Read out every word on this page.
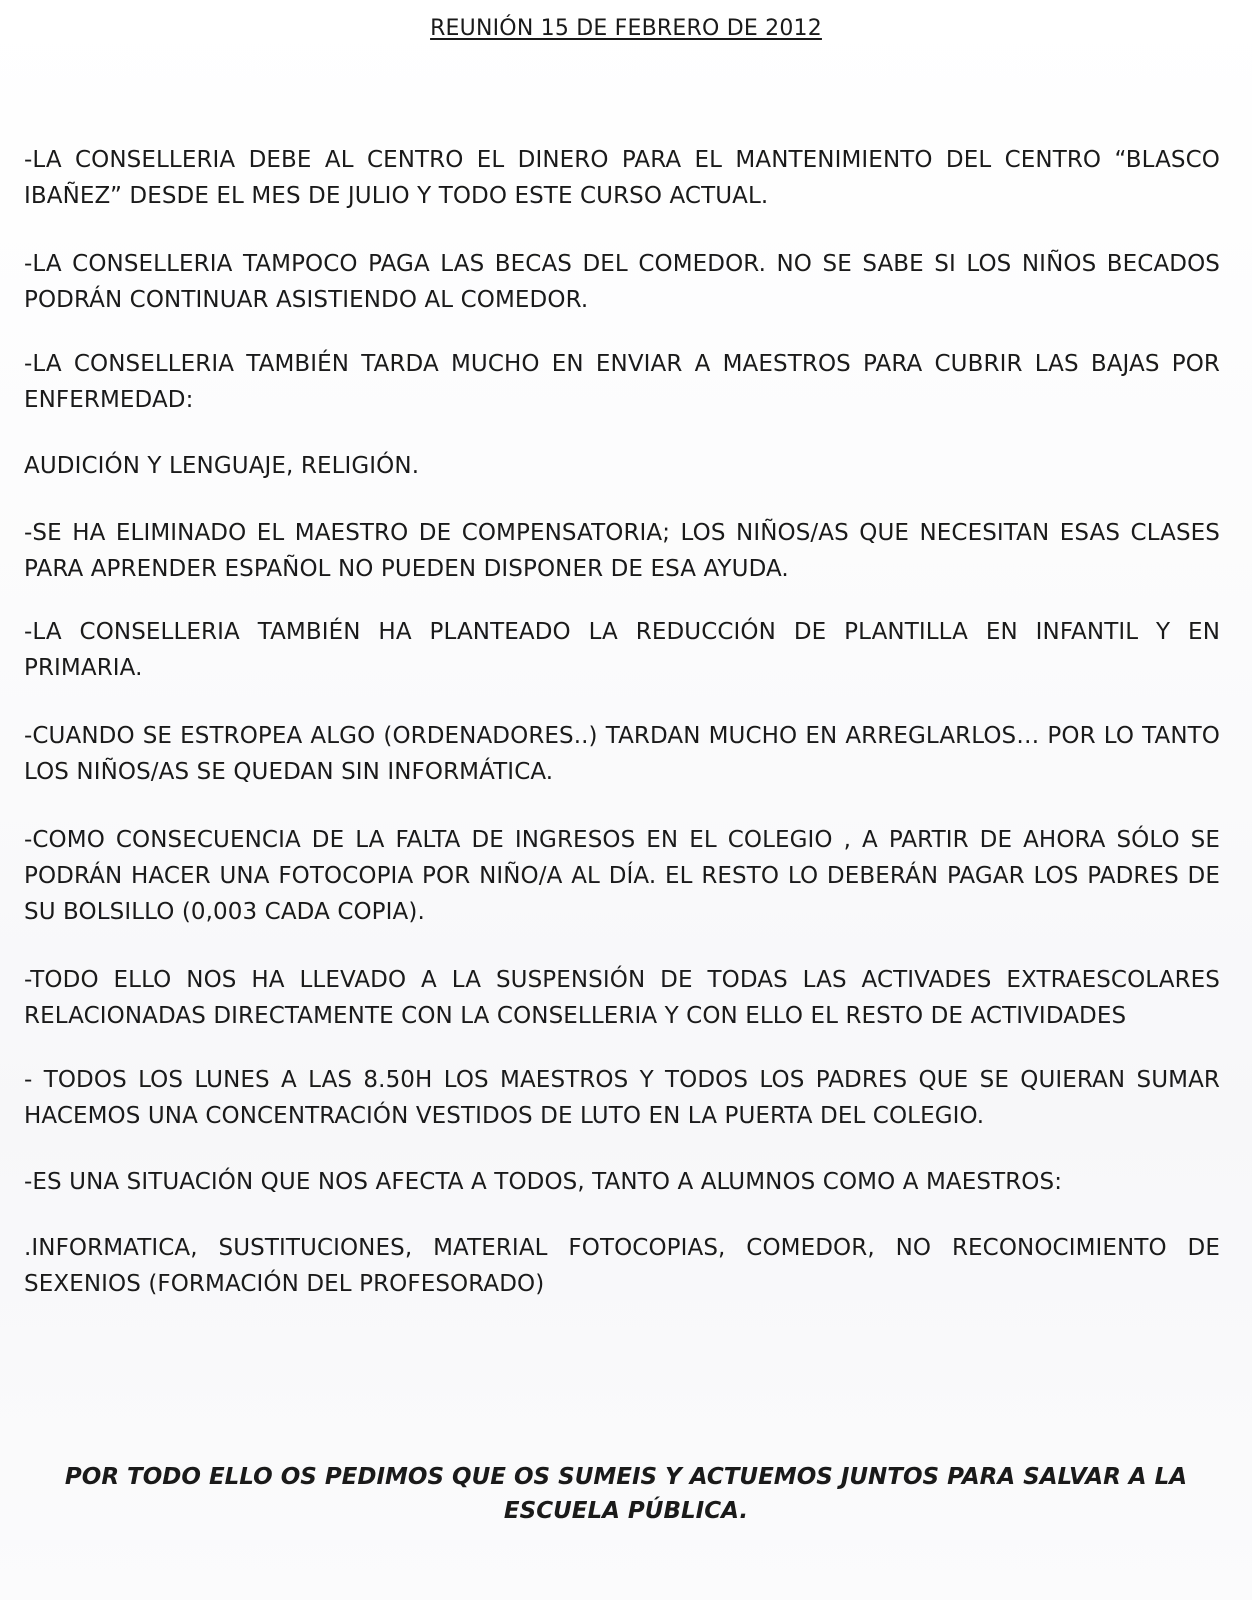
REUNIÓN 15 DE FEBRERO DE 2012

-LA CONSELLERIA DEBE AL CENTRO EL DINERO PARA EL MANTENIMIENTO DEL CENTRO “BLASCO IBAÑEZ” DESDE EL MES DE JULIO Y TODO ESTE CURSO ACTUAL.

-LA CONSELLERIA TAMPOCO PAGA LAS BECAS DEL COMEDOR. NO SE SABE SI LOS NIÑOS BECADOS PODRÁN CONTINUAR ASISTIENDO AL COMEDOR.

-LA CONSELLERIA TAMBIÉN TARDA MUCHO EN ENVIAR A MAESTROS PARA CUBRIR LAS BAJAS POR ENFERMEDAD:

AUDICIÓN Y LENGUAJE, RELIGIÓN.

-SE HA ELIMINADO EL MAESTRO DE COMPENSATORIA; LOS NIÑOS/AS QUE NECESITAN ESAS CLASES PARA APRENDER ESPAÑOL NO PUEDEN DISPONER DE ESA AYUDA.

-LA CONSELLERIA TAMBIÉN HA PLANTEADO LA REDUCCIÓN DE PLANTILLA EN INFANTIL Y EN PRIMARIA.

-CUANDO SE ESTROPEA ALGO (ORDENADORES..) TARDAN MUCHO EN ARREGLARLOS… POR LO TANTO LOS NIÑOS/AS SE QUEDAN SIN INFORMÁTICA.

-COMO CONSECUENCIA DE LA FALTA DE INGRESOS EN EL COLEGIO , A PARTIR DE AHORA SÓLO SE PODRÁN HACER UNA FOTOCOPIA POR NIÑO/A AL DÍA. EL RESTO LO DEBERÁN PAGAR LOS PADRES DE SU BOLSILLO (0,003 CADA COPIA).

-TODO ELLO NOS HA LLEVADO A LA SUSPENSIÓN DE TODAS LAS ACTIVADES EXTRAESCOLARES RELACIONADAS DIRECTAMENTE CON LA CONSELLERIA Y CON ELLO EL RESTO DE ACTIVIDADES

- TODOS LOS LUNES A LAS 8.50H LOS MAESTROS Y TODOS LOS PADRES QUE SE QUIERAN SUMAR HACEMOS UNA CONCENTRACIÓN VESTIDOS DE LUTO EN LA PUERTA DEL COLEGIO.

-ES UNA SITUACIÓN QUE NOS AFECTA A TODOS, TANTO A ALUMNOS COMO A MAESTROS:

.INFORMATICA, SUSTITUCIONES, MATERIAL FOTOCOPIAS, COMEDOR, NO RECONOCIMIENTO DE SEXENIOS (FORMACIÓN DEL PROFESORADO)

POR TODO ELLO OS PEDIMOS QUE OS SUMEIS Y ACTUEMOS JUNTOS PARA SALVAR A LA

ESCUELA PÚBLICA.
